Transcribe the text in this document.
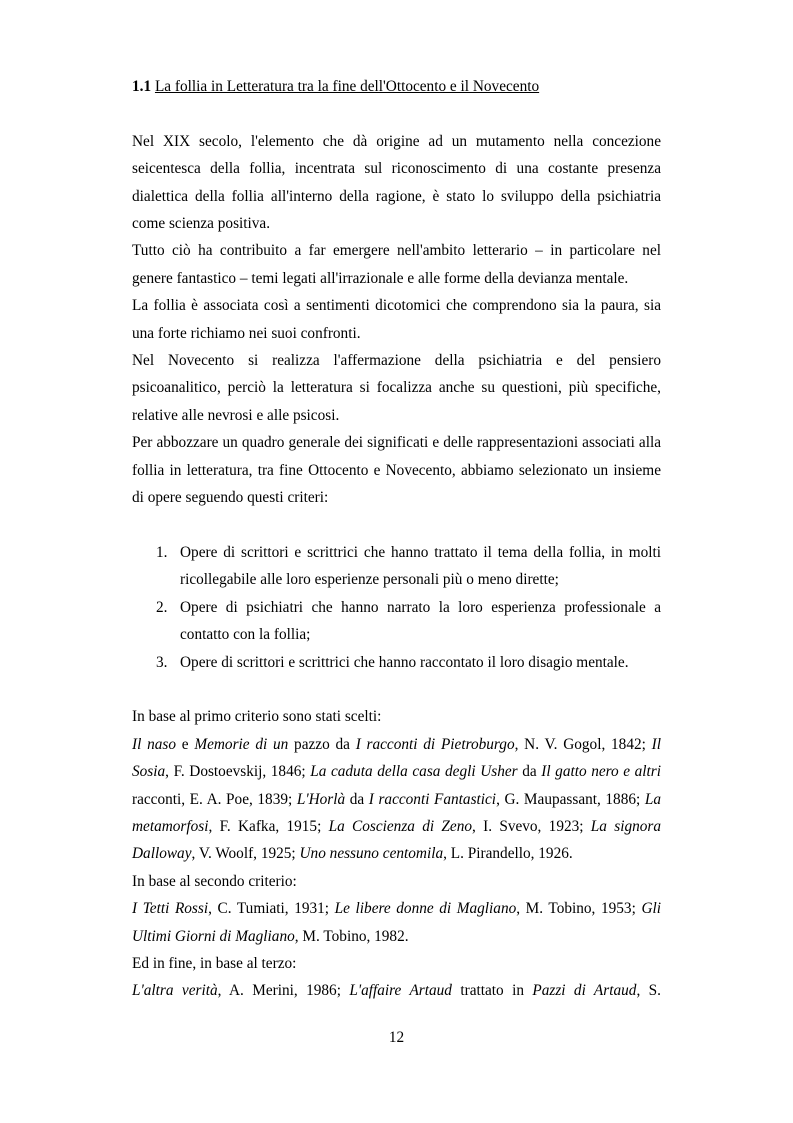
1.1 La follia in Letteratura tra la fine dell'Ottocento e il Novecento

Nel XIX secolo, l'elemento che dà origine ad un mutamento nella concezione seicentesca della follia, incentrata sul riconoscimento di una costante presenza dialettica della follia all'interno della ragione, è stato lo sviluppo della psichiatria come scienza positiva.

Tutto ciò ha contribuito a far emergere nell'ambito letterario – in particolare nel genere fantastico – temi legati all'irrazionale e alle forme della devianza mentale.

La follia è associata così a sentimenti dicotomici che comprendono sia la paura, sia una forte richiamo nei suoi confronti.

Nel Novecento si realizza l'affermazione della psichiatria e del pensiero psicoanalitico, perciò la letteratura si focalizza anche su questioni, più specifiche, relative alle nevrosi e alle psicosi.

Per abbozzare un quadro generale dei significati e delle rappresentazioni associati alla follia in letteratura, tra fine Ottocento e Novecento, abbiamo selezionato un insieme di opere seguendo questi criteri:

1. Opere di scrittori e scrittrici che hanno trattato il tema della follia, in molti ricollegabile alle loro esperienze personali più o meno dirette;
2. Opere di psichiatri che hanno narrato la loro esperienza professionale a contatto con la follia;
3. Opere di scrittori e scrittrici che hanno raccontato il loro disagio mentale.

In base al primo criterio sono stati scelti:

Il naso e Memorie di un pazzo da I racconti di Pietroburgo, N. V. Gogol, 1842; Il Sosia, F. Dostoevskij, 1846; La caduta della casa degli Usher da Il gatto nero e altri racconti, E. A. Poe, 1839; L'Horlà da I racconti Fantastici, G. Maupassant, 1886; La metamorfosi, F. Kafka, 1915; La Coscienza di Zeno, I. Svevo, 1923; La signora Dalloway, V. Woolf, 1925; Uno nessuno centomila, L. Pirandello, 1926.

In base al secondo criterio:

I Tetti Rossi, C. Tumiati, 1931; Le libere donne di Magliano, M. Tobino, 1953; Gli Ultimi Giorni di Magliano, M. Tobino, 1982.

Ed in fine, in base al terzo:

L'altra verità, A. Merini, 1986; L'affaire Artaud trattato in Pazzi di Artaud, S.

12
